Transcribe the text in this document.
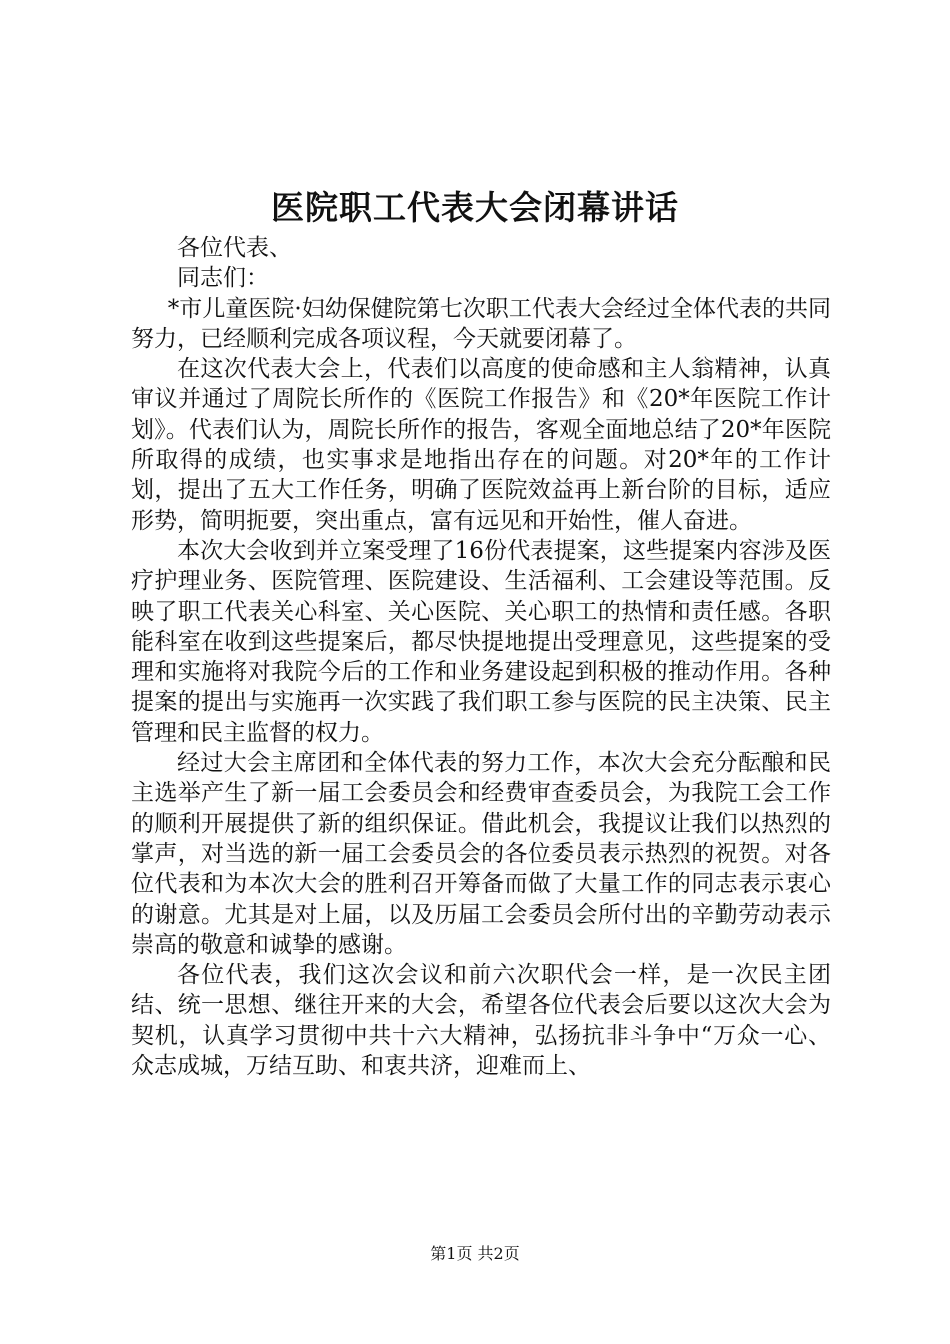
医院职工代表大会闭幕讲话

各位代表、

同志们：

*市儿童医院·妇幼保健院第七次职工代表大会经过全体代表的共同努力，已经顺利完成各项议程，今天就要闭幕了。

在这次代表大会上，代表们以高度的使命感和主人翁精神，认真审议并通过了周院长所作的《医院工作报告》和《20*年医院工作计划》。代表们认为，周院长所作的报告，客观全面地总结了20*年医院所取得的成绩，也实事求是地指出存在的问题。对20*年的工作计划，提出了五大工作任务，明确了医院效益再上新台阶的目标，适应形势，简明扼要，突出重点，富有远见和开始性，催人奋进。

本次大会收到并立案受理了16份代表提案，这些提案内容涉及医疗护理业务、医院管理、医院建设、生活福利、工会建设等范围。反映了职工代表关心科室、关心医院、关心职工的热情和责任感。各职能科室在收到这些提案后，都尽快提地提出受理意见，这些提案的受理和实施将对我院今后的工作和业务建设起到积极的推动作用。各种提案的提出与实施再一次实践了我们职工参与医院的民主决策、民主管理和民主监督的权力。

经过大会主席团和全体代表的努力工作，本次大会充分酝酿和民主选举产生了新一届工会委员会和经费审查委员会，为我院工会工作的顺利开展提供了新的组织保证。借此机会，我提议让我们以热烈的掌声，对当选的新一届工会委员会的各位委员表示热烈的祝贺。对各位代表和为本次大会的胜利召开筹备而做了大量工作的同志表示衷心的谢意。尤其是对上届，以及历届工会委员会所付出的辛勤劳动表示崇高的敬意和诚挚的感谢。

各位代表，我们这次会议和前六次职代会一样，是一次民主团结、统一思想、继往开来的大会，希望各位代表会后要以这次大会为契机，认真学习贯彻中共十六大精神，弘扬抗非斗争中“万众一心、众志成城，万结互助、和衷共济，迎难而上、

第1页 共2页
